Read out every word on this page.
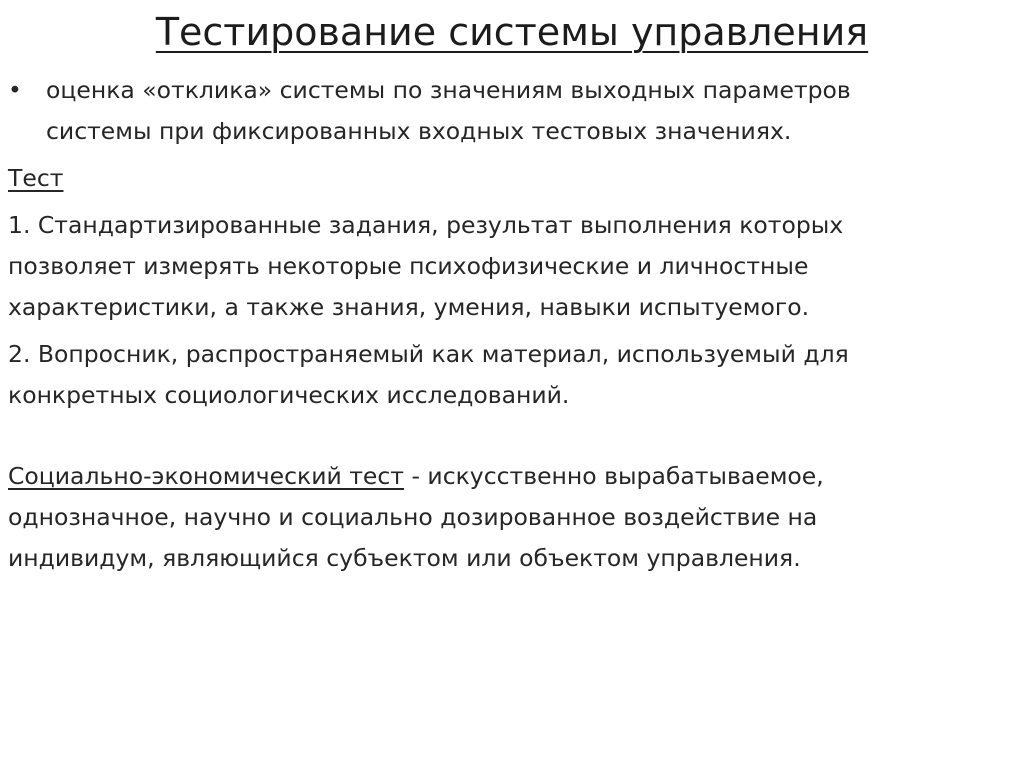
Тестирование системы управления
•	оценка «отклика» системы по значениям выходных параметров
системы при фиксированных входных тестовых значениях.

Тест

1. Стандартизированные задания, результат выполнения которых
позволяет измерять некоторые психофизические и личностные
характеристики, а также знания, умения, навыки испытуемого.
2. Вопросник, распространяемый как материал, используемый для
конкретных социологических исследований.
Социально-экономический тест - искусственно вырабатываемое,
однозначное, научно и социально дозированное воздействие на
индивидум, являющийся субъектом или объектом управления.
